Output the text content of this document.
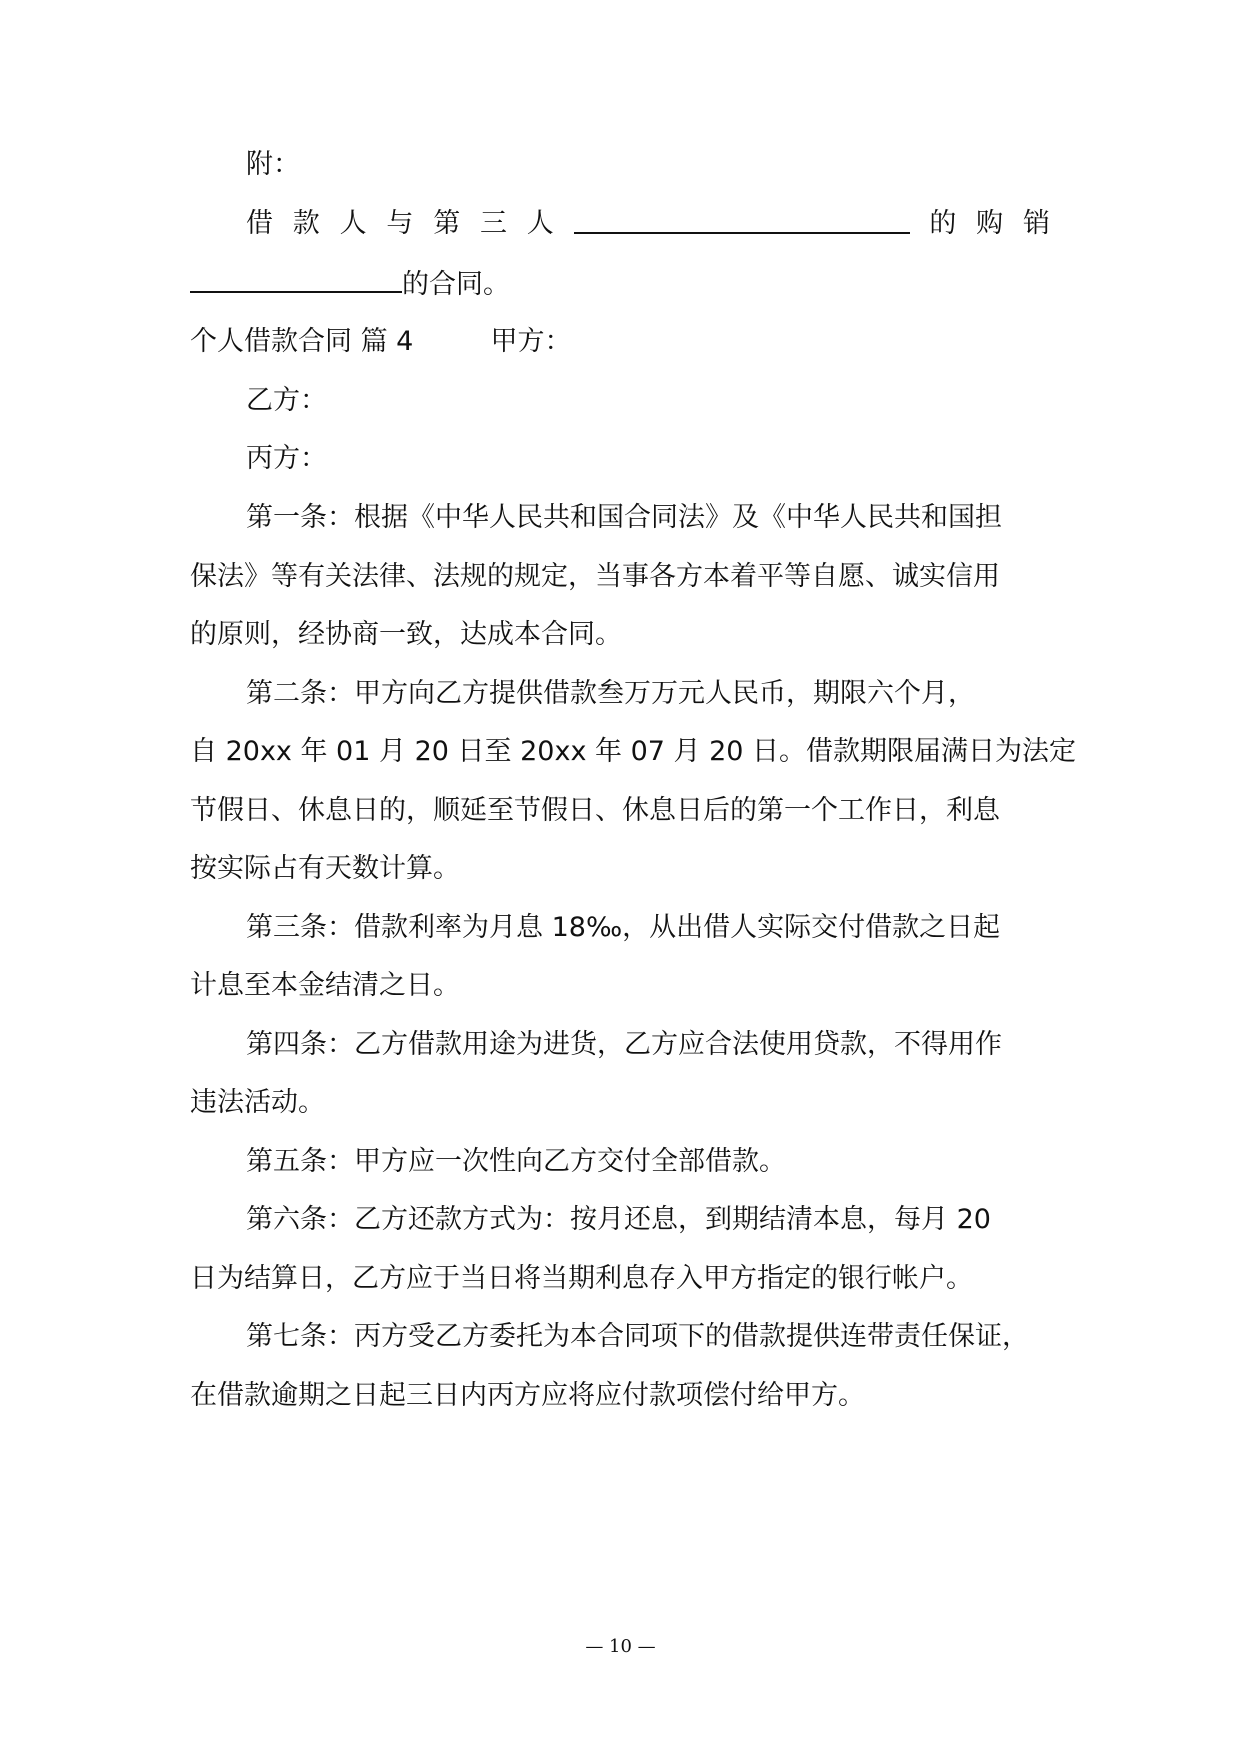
附：
借 款 人 与 第 三 人	的 购 销
的合同。
个人借款合同 篇 4	甲方：
乙方：
丙方：
第一条：根据《中华人民共和国合同法》及《中华人民共和国担
保法》等有关法律、法规的规定，当事各方本着平等自愿、诚实信用
的原则，经协商一致，达成本合同。
第二条：甲方向乙方提供借款叁万万元人民币，期限六个月，
自 20xx 年 01 月 20 日至 20xx 年 07 月 20 日。借款期限届满日为法定
节假日、休息日的，顺延至节假日、休息日后的第一个工作日，利息
按实际占有天数计算。
第三条：借款利率为月息 18‰，从出借人实际交付借款之日起
计息至本金结清之日。
第四条：乙方借款用途为进货，乙方应合法使用贷款，不得用作
违法活动。
第五条：甲方应一次性向乙方交付全部借款。
第六条：乙方还款方式为：按月还息，到期结清本息，每月 20
日为结算日，乙方应于当日将当期利息存入甲方指定的银行帐户。
第七条：丙方受乙方委托为本合同项下的借款提供连带责任保证，
在借款逾期之日起三日内丙方应将应付款项偿付给甲方。
— 10 —
